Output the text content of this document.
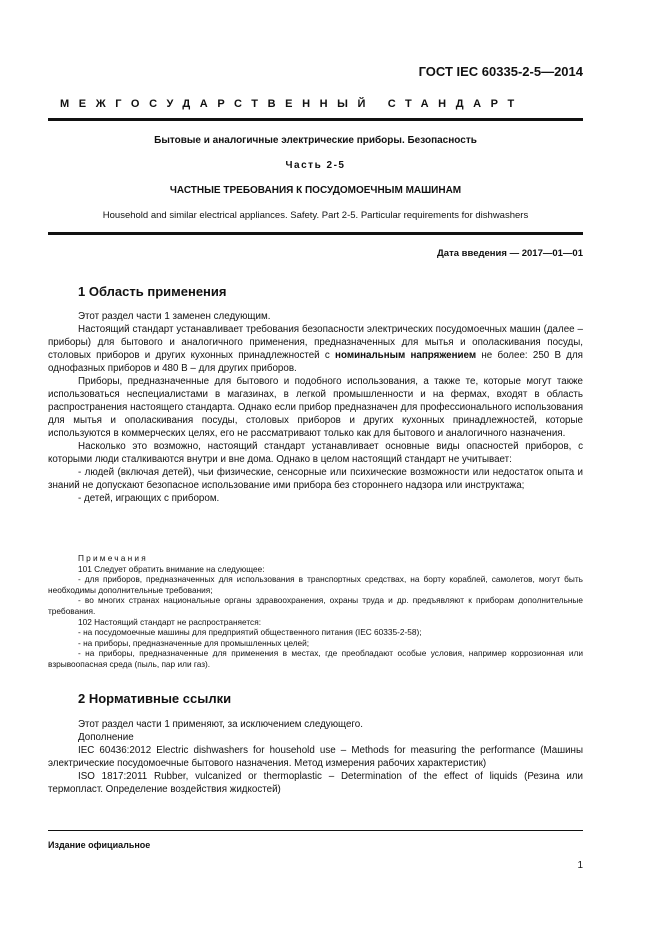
ГОСТ IEC 60335-2-5—2014
МЕЖГОСУДАРСТВЕННЫЙ СТАНДАРТ
Бытовые и аналогичные электрические приборы. Безопасность
Часть 2-5
ЧАСТНЫЕ ТРЕБОВАНИЯ К ПОСУДОМОЕЧНЫМ МАШИНАМ
Household and similar electrical appliances. Safety. Part 2-5. Particular requirements for dishwashers
Дата введения — 2017—01—01
1 Область применения

Этот раздел части 1 заменен следующим.

Настоящий стандарт устанавливает требования безопасности электрических посудомоечных машин (далее – приборы) для бытового и аналогичного применения, предназначенных для мытья и ополаскивания посуды, столовых приборов и других кухонных принадлежностей с номинальным напряжением не более: 250 В для однофазных приборов и 480 В – для других приборов.

Приборы, предназначенные для бытового и подобного использования, а также те, которые могут также использоваться неспециалистами в магазинах, в легкой промышленности и на фермах, входят в область распространения настоящего стандарта. Однако если прибор предназначен для профессионального использования для мытья и ополаскивания посуды, столовых приборов и других кухонных принадлежностей, которые используются в коммерческих целях, его не рассматривают только как для бытового и аналогичного назначения.

Насколько это возможно, настоящий стандарт устанавливает основные виды опасностей приборов, с которыми люди сталкиваются внутри и вне дома. Однако в целом настоящий стандарт не учитывает:

- людей (включая детей), чьи физические, сенсорные или психические возможности или недостаток опыта и знаний не допускают безопасное использование ими прибора без стороннего надзора или инструктажа;

- детей, играющих с прибором.

Примечания

101 Следует обратить внимание на следующее:

- для приборов, предназначенных для использования в транспортных средствах, на борту кораблей, самолетов, могут быть необходимы дополнительные требования;

- во многих странах национальные органы здравоохранения, охраны труда и др. предъявляют к приборам дополнительные требования.

102 Настоящий стандарт не распространяется:

- на посудомоечные машины для предприятий общественного питания (IEC 60335-2-58);

- на приборы, предназначенные для промышленных целей;

- на приборы, предназначенные для применения в местах, где преобладают особые условия, например коррозионная или взрывоопасная среда (пыль, пар или газ).

2 Нормативные ссылки

Этот раздел части 1 применяют, за исключением следующего.

Дополнение

IEC 60436:2012 Electric dishwashers for household use – Methods for measuring the performance (Машины электрические посудомоечные бытового назначения. Метод измерения рабочих характеристик)

ISO 1817:2011 Rubber, vulcanized or thermoplastic – Determination of the effect of liquids (Резина или термопласт. Определение воздействия жидкостей)

Издание официальное
1
